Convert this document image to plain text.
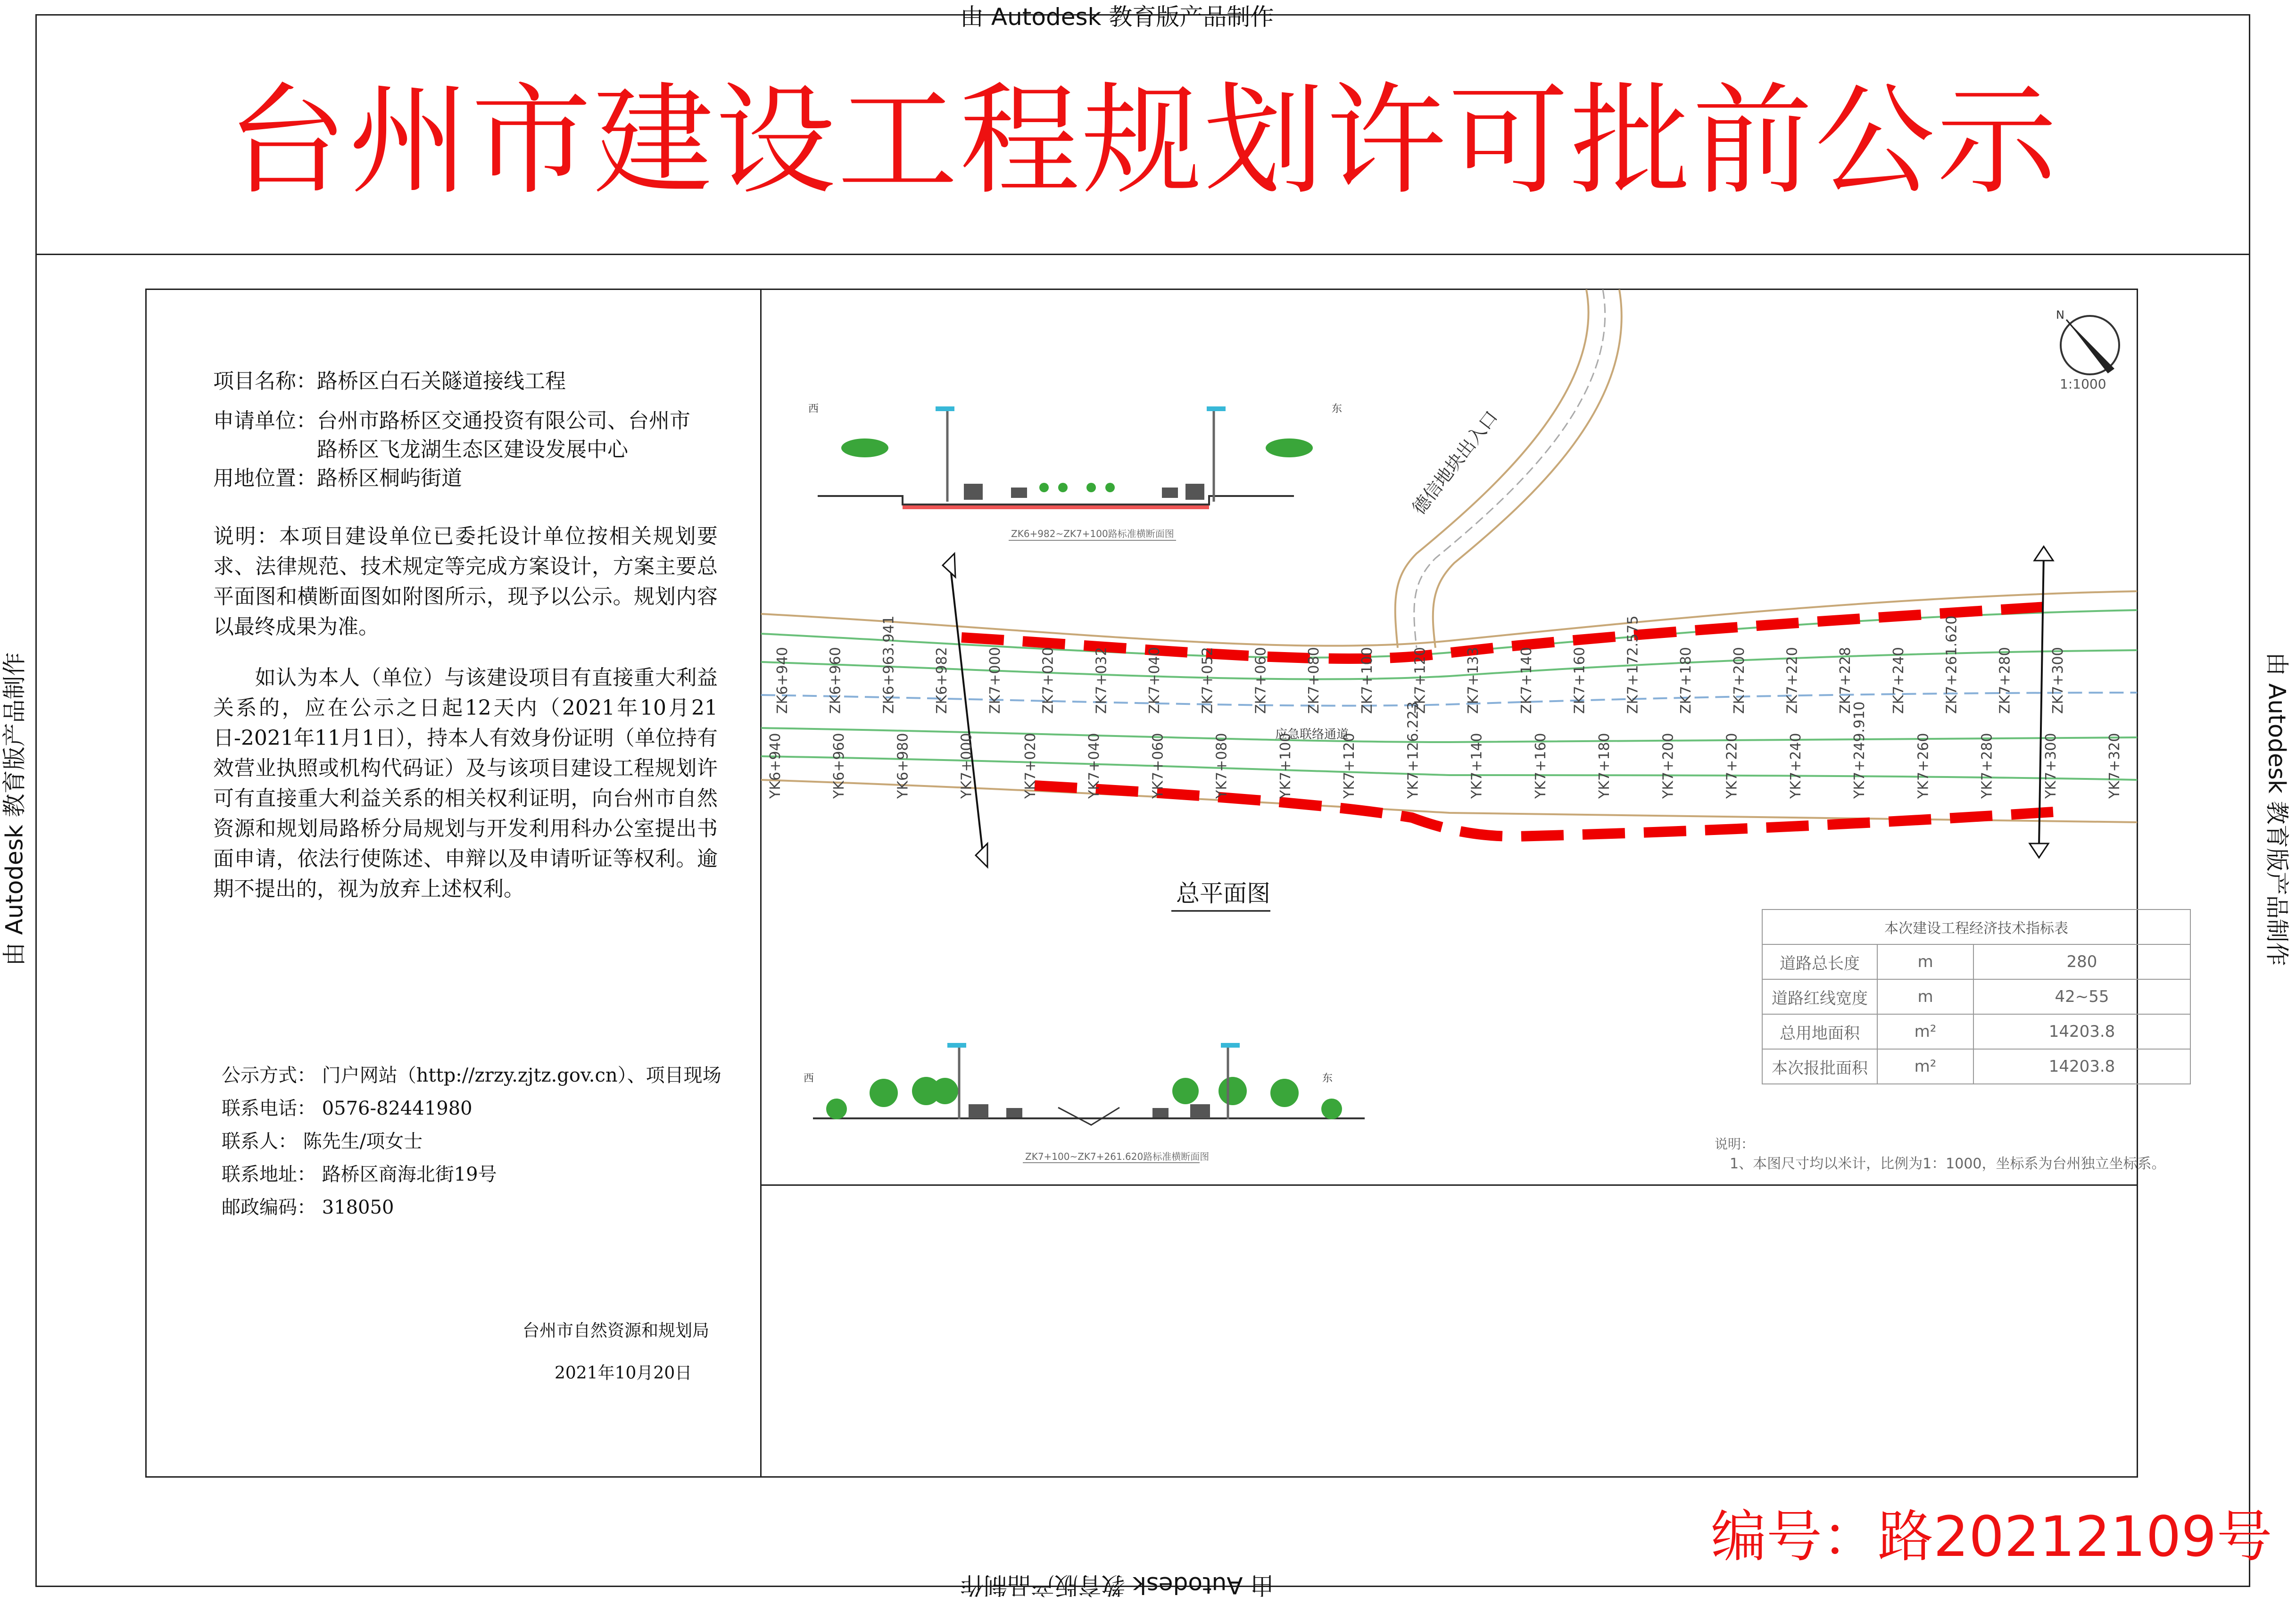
由 Autodesk 教育版产品制作
由 Autodesk 教育版产品制作
由 Autodesk 教育版产品制作	由 Autodesk 教育版产品制作
台州市建设工程规划许可批前公示
项目名称：路桥区白石关隧道接线工程
申请单位：台州市路桥区交通投资有限公司、台州市
路桥区飞龙湖生态区建设发展中心
用地位置：路桥区桐屿街道
说明：本项目建设单位已委托设计单位按相关规划要求、法律规范、技术规定等完成方案设计，方案主要总平面图和横断面图如附图所示，现予以公示。规划内容以最终成果为准。
如认为本人（单位）与该建设项目有直接重大利益关系的，应在公示之日起12天内（2021年10月21日-2021年11月1日），持本人有效身份证明（单位持有效营业执照或机构代码证）及与该项目建设工程规划许可有直接重大利益关系的相关权利证明，向台州市自然资源和规划局路桥分局规划与开发利用科办公室提出书面申请，依法行使陈述、申辩以及申请听证等权利。逾期不提出的，视为放弃上述权利。
公示方式： 门户网站（http://zrzy.zjtz.gov.cn）、项目现场
联系电话： 0576-82441980
联系人： 陈先生/项女士
联系地址： 路桥区商海北街19号
邮政编码： 318050
台州市自然资源和规划局
2021年10月20日
N
1:1000
德信地块出入口
ZK6+940	ZK6+960	ZK6+963.941	ZK6+982	ZK7+000	ZK7+020	ZK7+032	ZK7+040	ZK7+052	ZK7+060	ZK7+080	ZK7+100	ZK7+120	ZK7+133	ZK7+140	ZK7+160	ZK7+172.575	ZK7+180	ZK7+200	ZK7+220	ZK7+228	ZK7+240	ZK7+261.620	ZK7+280	ZK7+300
YK6+940	YK6+960	YK6+980	YK7+000	YK7+020	YK7+040	YK7+060	YK7+080	YK7+100	YK7+120	YK7+126.223	YK7+140	YK7+160	YK7+180	YK7+200	YK7+220	YK7+240	YK7+249.910	YK7+260	YK7+280	YK7+300	YK7+320
应急联络通道
总平面图
西	东
ZK6+982~ZK7+100路标准横断面图
西	东
ZK7+100~ZK7+261.620路标准横断面图
说明：
1、本图尺寸均以米计，比例为1：1000，坐标系为台州独立坐标系。
本次建设工程经济技术指标表		
道路总长度	m	280
道路红线宽度	m	42~55
总用地面积	m²	14203.8
本次报批面积	m²	14203.8
编号：路20212109号
